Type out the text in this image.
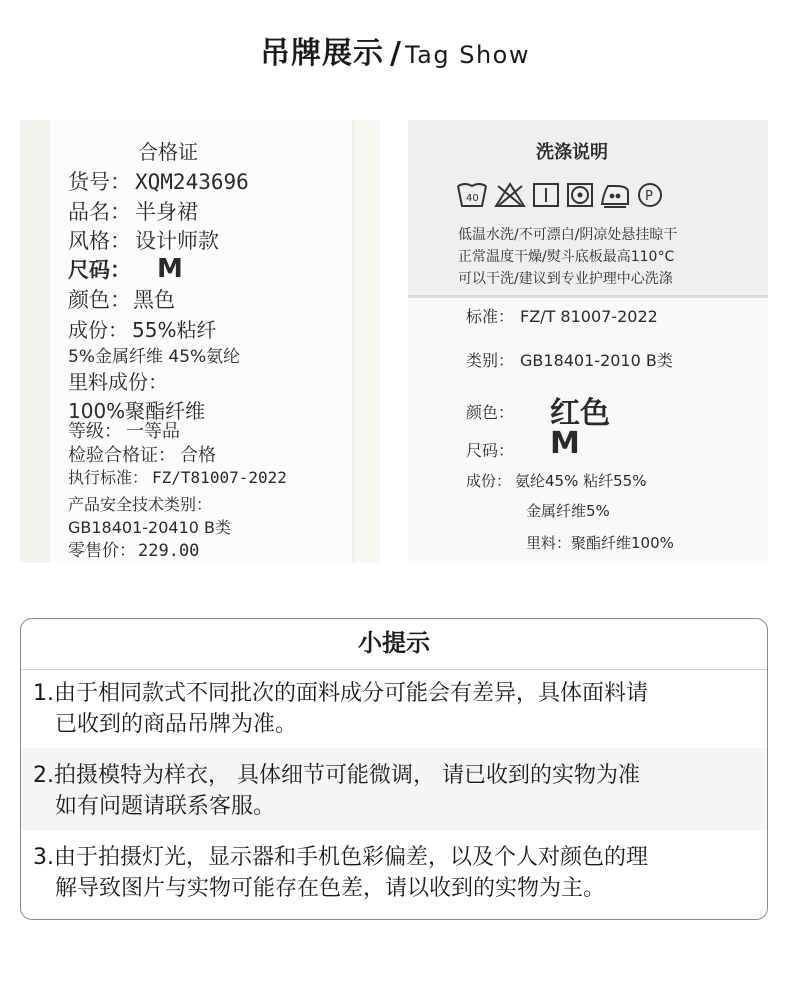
吊牌展示 / Tag Show
合格证
货号： XQM243696
品名： 半身裙
风格： 设计师款
尺码： M
颜色：黑色
成份： 55%粘纤
5%金属纤维 45%氨纶
里料成份：
100%聚酯纤维
等级： 一等品
检验合格证： 合格
执行标准： FZ/T81007-2022
产品安全技术类别：
GB18401-20410 B类
零售价： 229.00
洗涤说明
40	P
低温水洗/不可漂白/阴凉处悬挂晾干
正常温度干燥/熨斗底板最高110°C
可以干洗/建议到专业护理中心洗涤
标准： FZ/T 81007-2022
类别： GB18401-2010 B类
颜色： 红色
尺码： M
成份： 氨纶45% 粘纤55%
金属纤维5%
里料：聚酯纤维100%
小提示
1.由于相同款式不同批次的面料成分可能会有差异，具体面料请
已收到的商品吊牌为准。
2.拍摄模特为样衣， 具体细节可能微调， 请已收到的实物为准
如有问题请联系客服。
3.由于拍摄灯光，显示器和手机色彩偏差，以及个人对颜色的理
解导致图片与实物可能存在色差，请以收到的实物为主。
